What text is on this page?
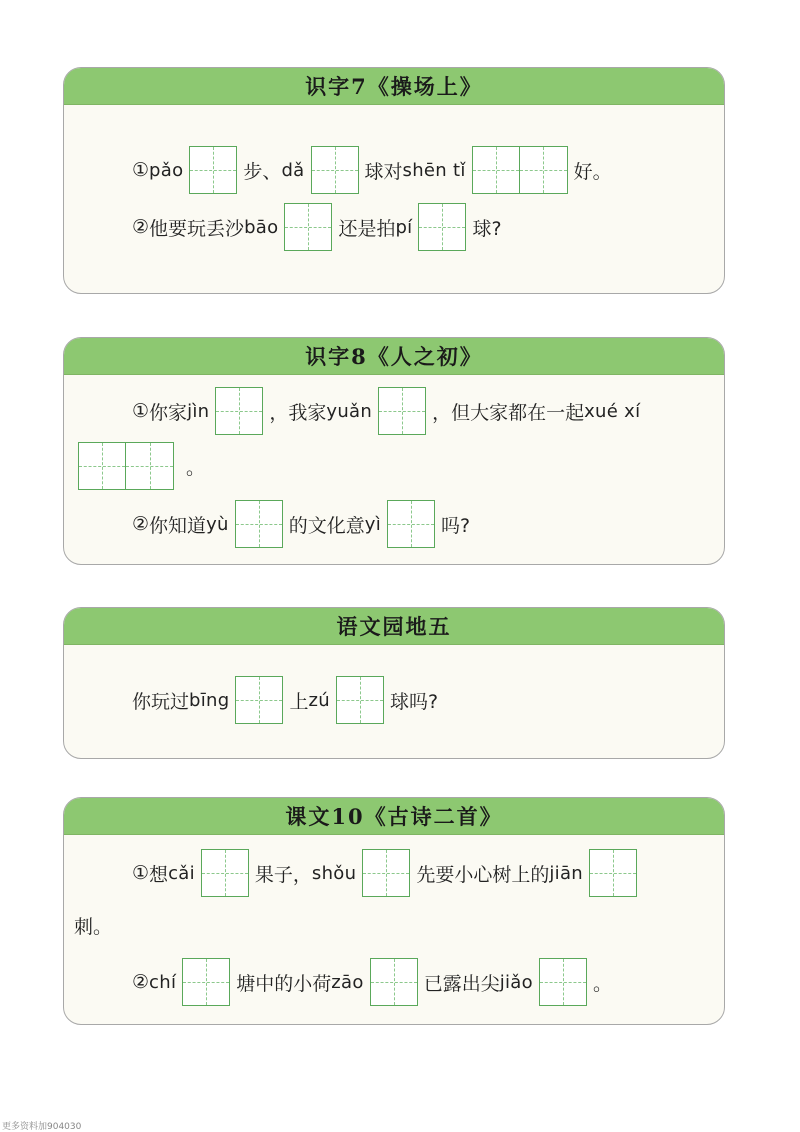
识字7《操场上》
① pǎo	步、 dǎ	球对 shēn tǐ	好。
② 他要玩丢沙 bāo	还是拍 pí	球?
识字8《人之初》
① 你家 jìn	，我家 yuǎn	，但大家都在一起 xué xí
。
② 你知道 yù	的文化意 yì	吗?
语文园地五
你玩过 bīng	上 zú	球吗?
课文10《古诗二首》
① 想 cǎi	果子， shǒu	先要小心树上的 jiān
刺。
② chí	塘中的小荷 zāo	已露出尖 jiǎo	。
更多资料加904030
